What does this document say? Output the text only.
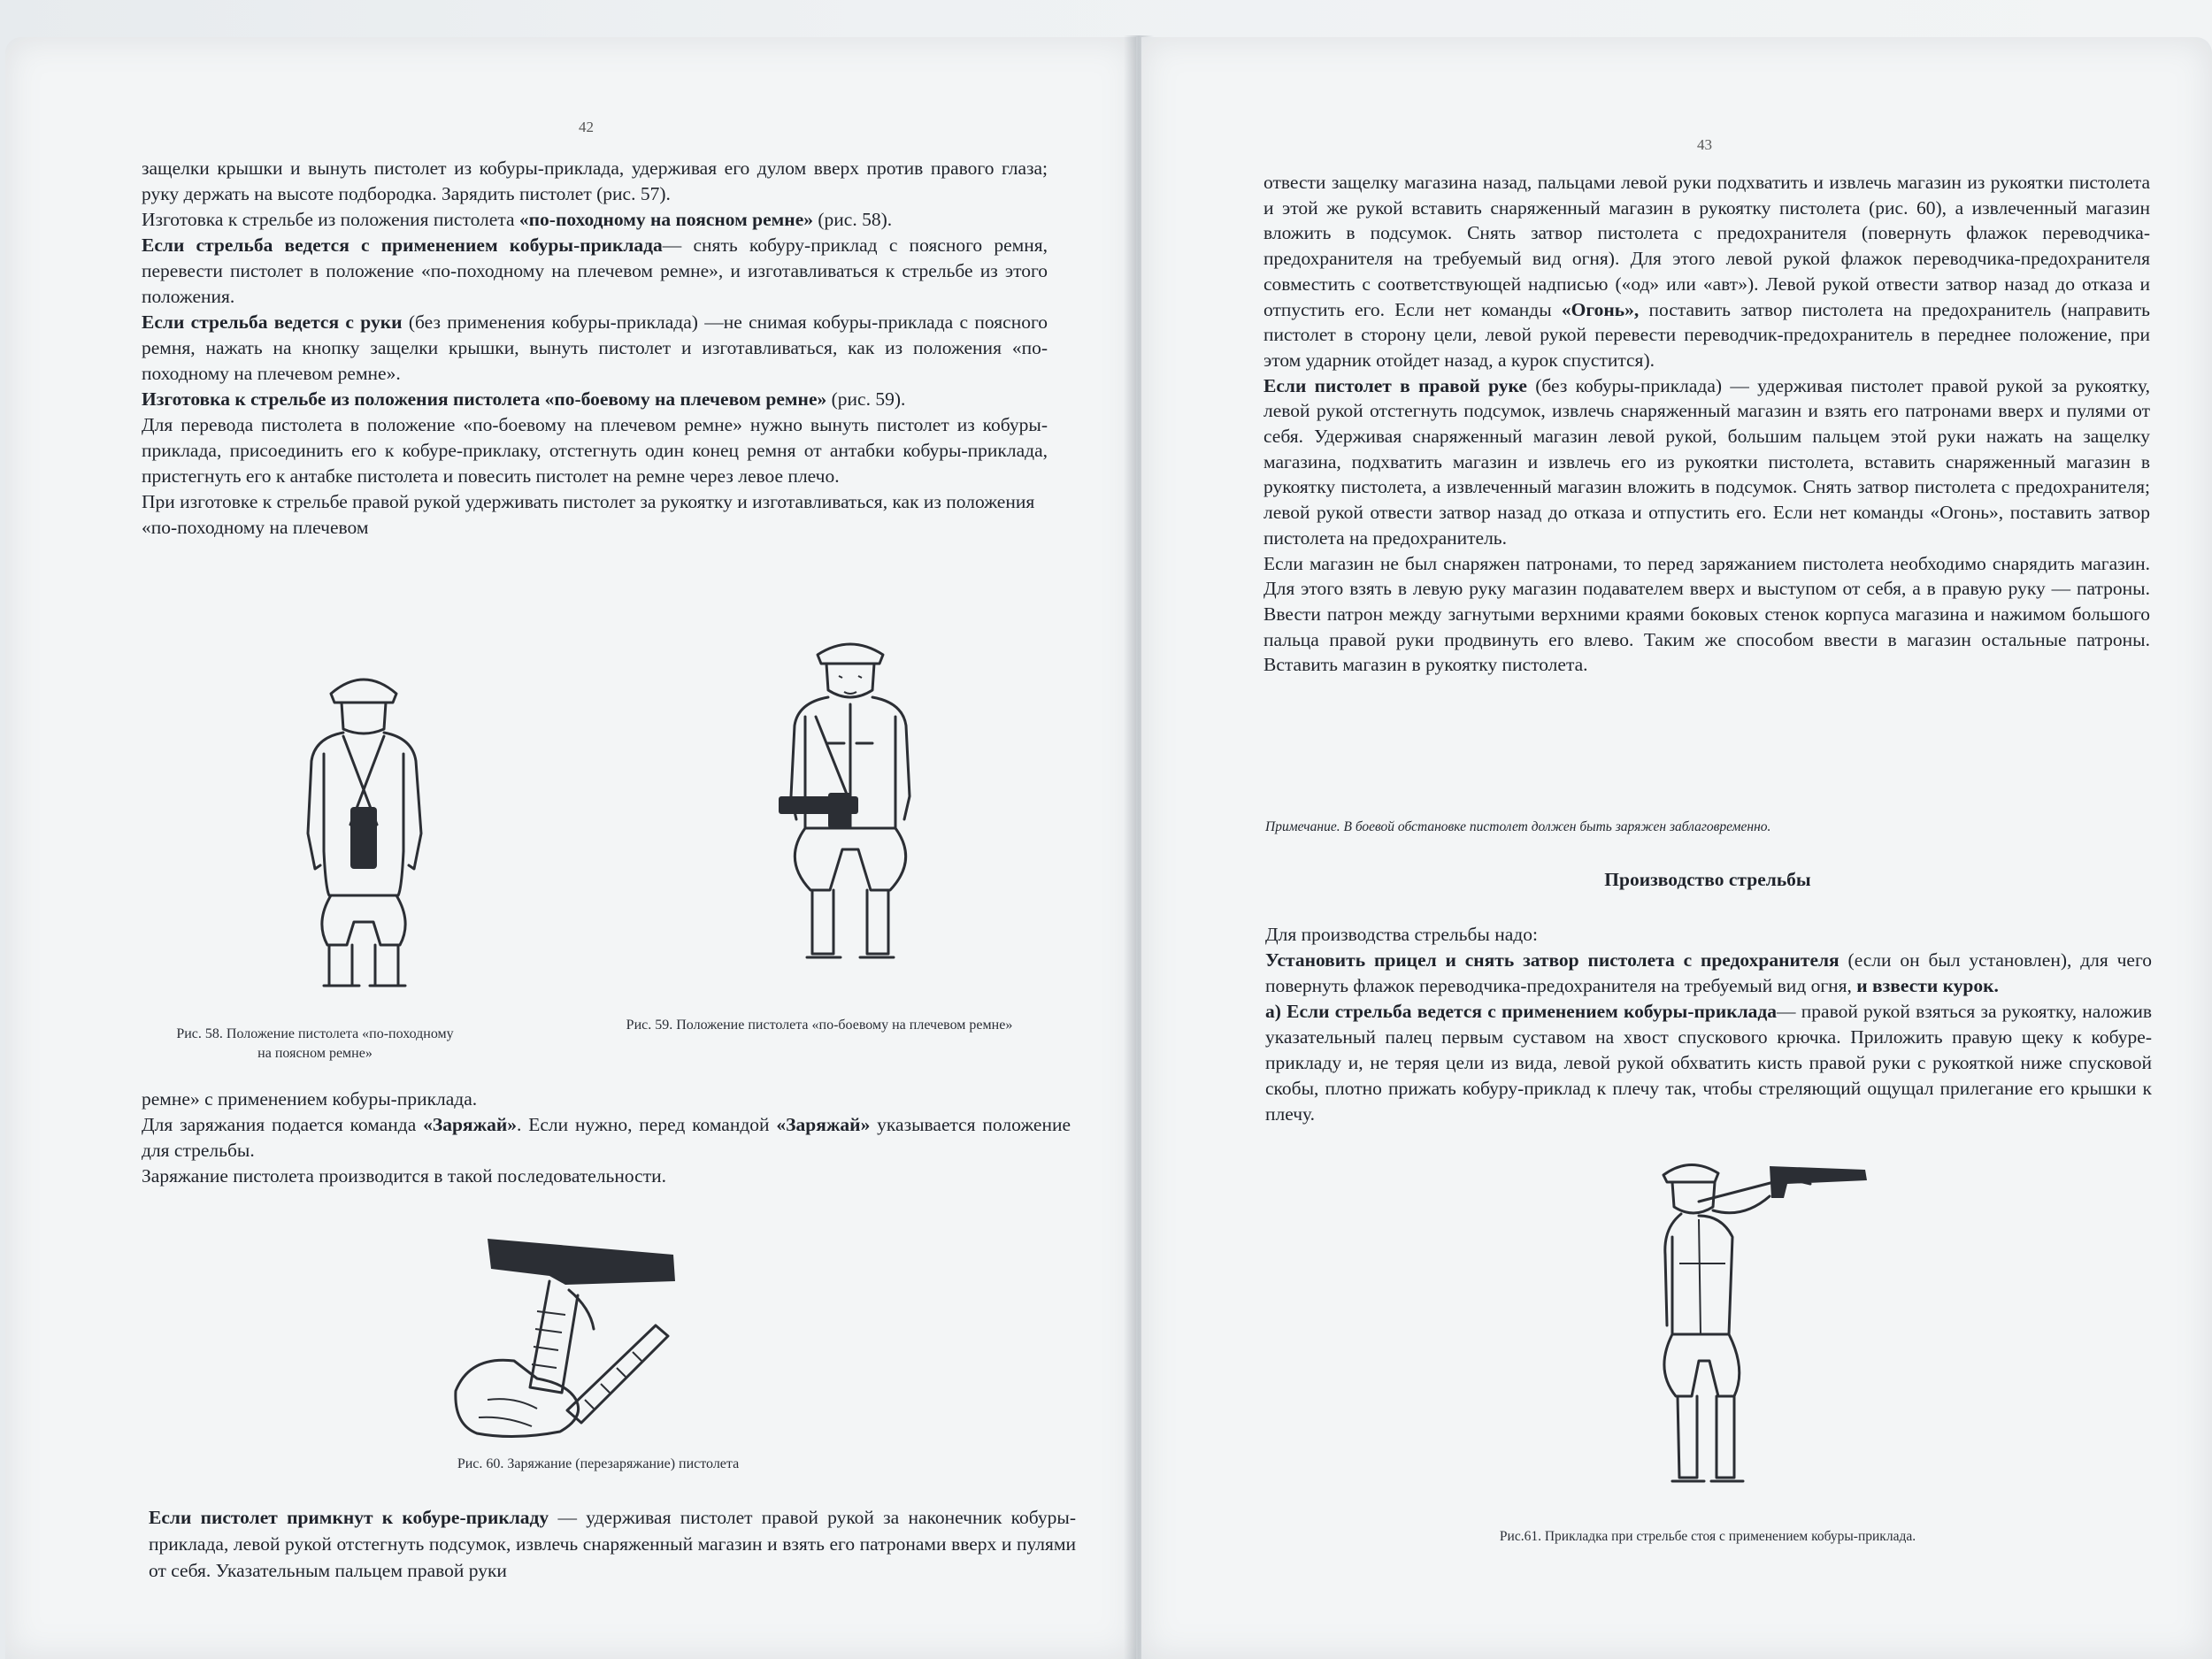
42

защелки крышки и вынуть пистолет из кобуры-приклада, удерживая его дулом вверх против правого глаза; руку держать на высоте подбородка. Зарядить пистолет (рис. 57).

Изготовка к стрельбе из положения пистолета «по-походному на поясном ремне» (рис. 58).

Если стрельба ведется с применением кобуры-приклада— снять кобуру-приклад с поясного ремня, перевести пистолет в положение «по-походному на плечевом ремне», и изготавливаться к стрельбе из этого положения.

Если стрельба ведется с руки (без применения кобуры-приклада) —не снимая кобуры-приклада с поясного ремня, нажать на кнопку защелки крышки, вынуть пистолет и изготавливаться, как из положения «по-походному на плечевом ремне».

Изготовка к стрельбе из положения пистолета «по-боевому на плечевом ремне» (рис. 59).

Для перевода пистолета в положение «по-боевому на плечевом ремне» нужно вынуть пистолет из кобуры-приклада, присоединить его к кобуре-приклаку, отстегнуть один конец ремня от антабки кобуры-приклада, пристегнуть его к антабке пистолета и повесить пистолет на ремне через левое плечо.

При изготовке к стрельбе правой рукой удерживать пистолет за рукоятку и изготавливаться, как из положения «по-походному на плечевом

Рис. 58. Положение пистолета «по-походному на поясном ремне»
Рис. 59. Положение пистолета «по-боевому на плечевом ремне»

ремне» с применением кобуры-приклада.

Для заряжания подается команда «Заряжай». Если нужно, перед командой «Заряжай» указывается положение для стрельбы.

Заряжание пистолета производится в такой последовательности.

Рис. 60. Заряжание (перезаряжание) пистолета

Если пистолет примкнут к кобуре-прикладу — удерживая пистолет правой рукой за наконечник кобуры-приклада, левой рукой отстегнуть подсумок, извлечь снаряженный магазин и взять его патронами вверх и пулями от себя. Указательным пальцем правой руки

43

отвести защелку магазина назад, пальцами левой руки подхватить и извлечь магазин из рукоятки пистолета и этой же рукой вставить снаряженный магазин в рукоятку пистолета (рис. 60), а извлеченный магазин вложить в подсумок. Снять затвор пистолета с предохранителя (повернуть флажок переводчика-предохранителя на требуемый вид огня). Для этого левой рукой флажок переводчика-предохранителя совместить с соответствующей надписью («од» или «авт»). Левой рукой отвести затвор назад до отказа и отпустить его. Если нет команды «Огонь», поставить затвор пистолета на предохранитель (направить пистолет в сторону цели, левой рукой перевести переводчик-предохранитель в переднее положение, при этом ударник отойдет назад, а курок спустится).

Если пистолет в правой руке (без кобуры-приклада) — удерживая пистолет правой рукой за рукоятку, левой рукой отстегнуть подсумок, извлечь снаряженный магазин и взять его патронами вверх и пулями от себя. Удерживая снаряженный магазин левой рукой, большим пальцем этой руки нажать на защелку магазина, подхватить магазин и извлечь его из рукоятки пистолета, вставить снаряженный магазин в рукоятку пистолета, а извлеченный магазин вложить в подсумок. Снять затвор пистолета с предохранителя; левой рукой отвести затвор назад до отказа и отпустить его. Если нет команды «Огонь», поставить затвор пистолета на предохранитель.

Если магазин не был снаряжен патронами, то перед заряжанием пистолета необходимо снарядить магазин. Для этого взять в левую руку магазин подавателем вверх и выступом от себя, а в правую руку — патроны. Ввести патрон между загнутыми верхними краями боковых стенок корпуса магазина и нажимом большого пальца правой руки продвинуть его влево. Таким же способом ввести в магазин остальные патроны. Вставить магазин в рукоятку пистолета.

Примечание. В боевой обстановке пистолет должен быть заряжен заблаговременно.
Производство стрельбы

Для производства стрельбы надо:

Установить прицел и снять затвор пистолета с предохранителя (если он был установлен), для чего повернуть флажок переводчика-предохранителя на требуемый вид огня, и взвести курок.

а) Если стрельба ведется с применением кобуры-приклада— правой рукой взяться за рукоятку, наложив указательный палец первым суставом на хвост спускового крючка. Приложить правую щеку к кобуре-прикладу и, не теряя цели из вида, левой рукой обхватить кисть правой руки с рукояткой ниже спусковой скобы, плотно прижать кобуру-приклад к плечу так, чтобы стреляющий ощущал прилегание его крышки к плечу.

Рис.61. Прикладка при стрельбе стоя с применением кобуры-приклада.
